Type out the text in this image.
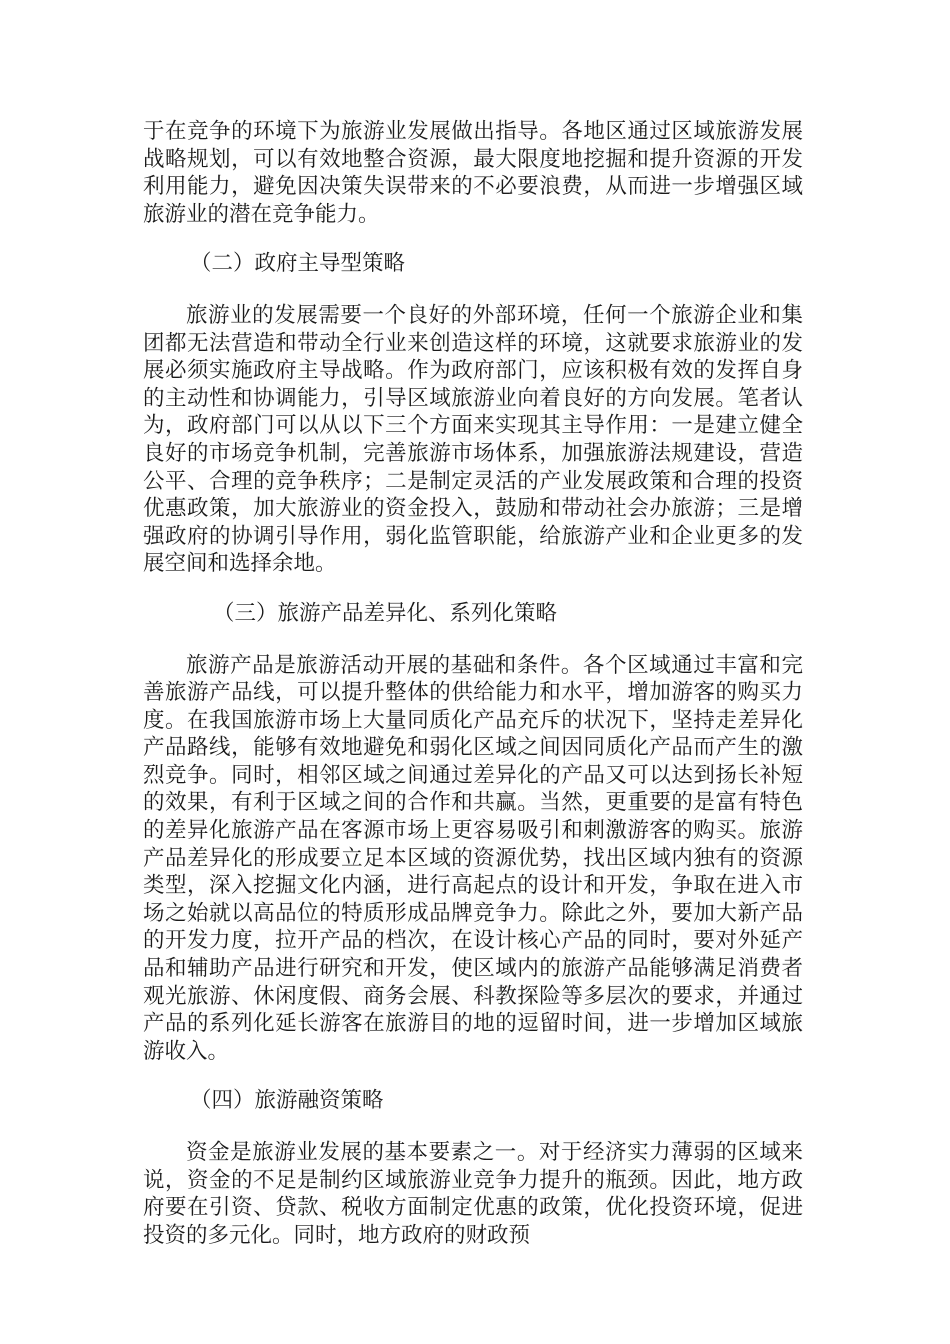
于在竞争的环境下为旅游业发展做出指导。各地区通过区域旅游发展战略规划，可以有效地整合资源，最大限度地挖掘和提升资源的开发利用能力，避免因决策失误带来的不必要浪费，从而进一步增强区域旅游业的潜在竞争能力。

（二）政府主导型策略

旅游业的发展需要一个良好的外部环境，任何一个旅游企业和集团都无法营造和带动全行业来创造这样的环境，这就要求旅游业的发展必须实施政府主导战略。作为政府部门，应该积极有效的发挥自身的主动性和协调能力，引导区域旅游业向着良好的方向发展。笔者认为，政府部门可以从以下三个方面来实现其主导作用：一是建立健全良好的市场竞争机制，完善旅游市场体系，加强旅游法规建设，营造公平、合理的竞争秩序；二是制定灵活的产业发展政策和合理的投资优惠政策，加大旅游业的资金投入，鼓励和带动社会办旅游；三是增强政府的协调引导作用，弱化监管职能，给旅游产业和企业更多的发展空间和选择余地。

（三）旅游产品差异化、系列化策略

旅游产品是旅游活动开展的基础和条件。各个区域通过丰富和完善旅游产品线，可以提升整体的供给能力和水平，增加游客的购买力度。在我国旅游市场上大量同质化产品充斥的状况下，坚持走差异化产品路线，能够有效地避免和弱化区域之间因同质化产品而产生的激烈竞争。同时，相邻区域之间通过差异化的产品又可以达到扬长补短的效果，有利于区域之间的合作和共赢。当然，更重要的是富有特色的差异化旅游产品在客源市场上更容易吸引和刺激游客的购买。旅游产品差异化的形成要立足本区域的资源优势，找出区域内独有的资源类型，深入挖掘文化内涵，进行高起点的设计和开发，争取在进入市场之始就以高品位的特质形成品牌竞争力。除此之外，要加大新产品的开发力度，拉开产品的档次，在设计核心产品的同时，要对外延产品和辅助产品进行研究和开发，使区域内的旅游产品能够满足消费者观光旅游、休闲度假、商务会展、科教探险等多层次的要求，并通过产品的系列化延长游客在旅游目的地的逗留时间，进一步增加区域旅游收入。

（四）旅游融资策略

资金是旅游业发展的基本要素之一。对于经济实力薄弱的区域来说，资金的不足是制约区域旅游业竞争力提升的瓶颈。因此，地方政府要在引资、贷款、税收方面制定优惠的政策，优化投资环境，促进投资的多元化。同时，地方政府的财政预
